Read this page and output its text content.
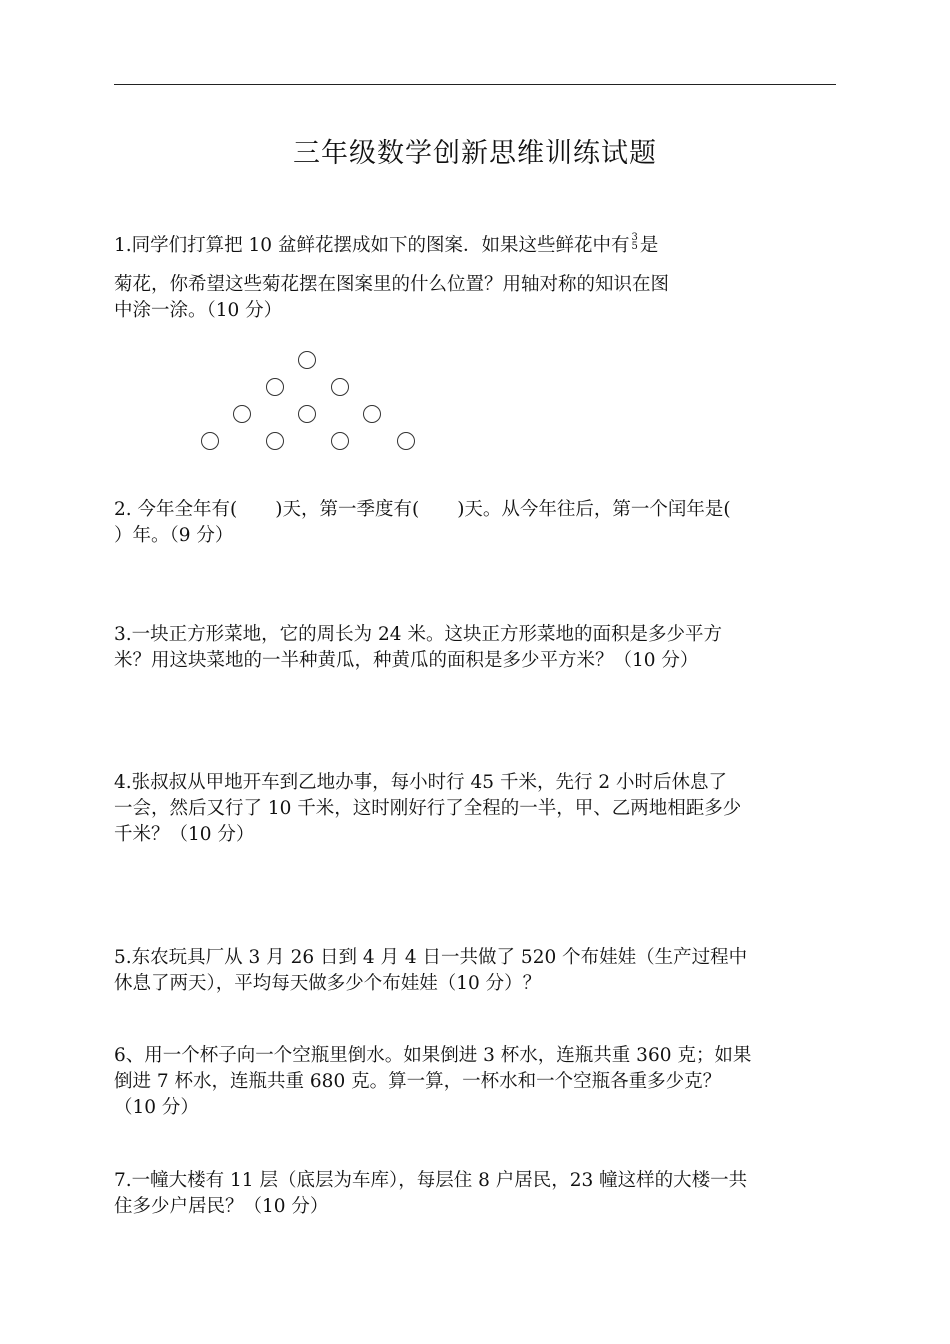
三年级数学创新思维训练试题
1.同学们打算把 10 盆鲜花摆成如下的图案．如果这些鲜花中有 3
5 是
菊花，你希望这些菊花摆在图案里的什么位置？用轴对称的知识在图
中涂一涂。（10 分）
2. 今年全年有( )天，第一季度有( )天。从今年往后，第一个闰年是(
）年。（9 分）
3.一块正方形菜地，它的周长为 24 米。这块正方形菜地的面积是多少平方
米？用这块菜地的一半种黄瓜，种黄瓜的面积是多少平方米？（10 分）
4.张叔叔从甲地开车到乙地办事，每小时行 45 千米，先行 2 小时后休息了
一会，然后又行了 10 千米，这时刚好行了全程的一半，甲、乙两地相距多少
千米？（10 分）
5.东农玩具厂从 3 月 26 日到 4 月 4 日一共做了 520 个布娃娃（生产过程中
休息了两天），平均每天做多少个布娃娃（10 分）？
6、用一个杯子向一个空瓶里倒水。如果倒进 3 杯水，连瓶共重 360 克；如果
倒进 7 杯水，连瓶共重 680 克。算一算，一杯水和一个空瓶各重多少克？
（10 分）
7.一幢大楼有 11 层（底层为车库），每层住 8 户居民，23 幢这样的大楼一共
住多少户居民？（10 分）
